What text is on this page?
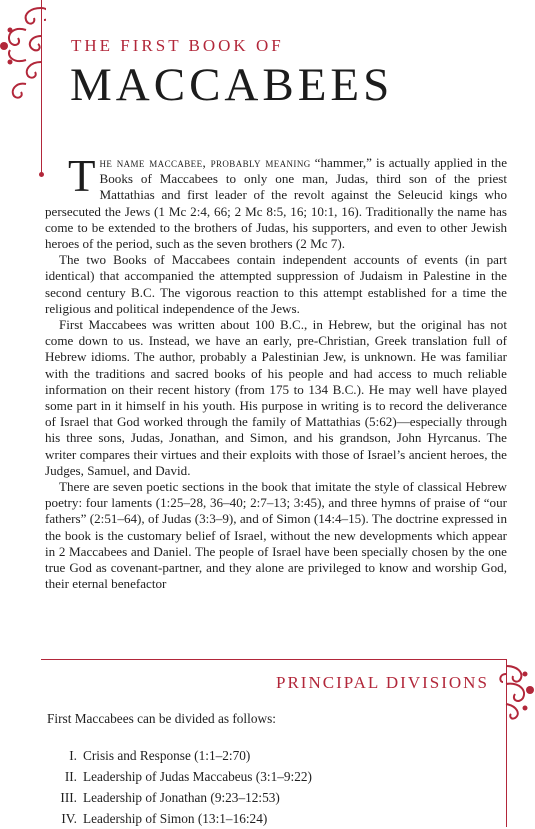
THE FIRST BOOK OF
MACCABEES

The name maccabee, probably meaning “hammer,” is actually applied in the Books of Maccabees to only one man, Judas, third son of the priest Mattathias and first leader of the revolt against the Seleucid kings who persecuted the Jews (1 Mc 2:4, 66; 2 Mc 8:5, 16; 10:1, 16). Traditionally the name has come to be extended to the brothers of Judas, his supporters, and even to other Jewish heroes of the period, such as the seven brothers (2 Mc 7).

The two Books of Maccabees contain independent accounts of events (in part identical) that accompanied the attempted suppression of Judaism in Palestine in the second century B.C. The vigorous reaction to this attempt established for a time the religious and political independence of the Jews.

First Maccabees was written about 100 B.C., in Hebrew, but the original has not come down to us. Instead, we have an early, pre-Christian, Greek translation full of Hebrew idioms. The author, probably a Palestinian Jew, is unknown. He was familiar with the traditions and sacred books of his people and had access to much reliable information on their recent history (from 175 to 134 B.C.). He may well have played some part in it himself in his youth. His purpose in writing is to record the deliverance of Israel that God worked through the family of Mattathias (5:62)—especially through his three sons, Judas, Jonathan, and Simon, and his grandson, John Hyrcanus. The writer compares their virtues and their exploits with those of Israel’s ancient heroes, the Judges, Samuel, and David.

There are seven poetic sections in the book that imitate the style of classical Hebrew poetry: four laments (1:25–28, 36–40; 2:7–13; 3:45), and three hymns of praise of “our fathers” (2:51–64), of Judas (3:3–9), and of Simon (14:4–15). The doctrine expressed in the book is the customary belief of Israel, without the new developments which appear in 2 Maccabees and Daniel. The people of Israel have been specially chosen by the one true God as covenant-partner, and they alone are privileged to know and worship God, their eternal benefactor

PRINCIPAL DIVISIONS

First Maccabees can be divided as follows:

I. Crisis and Response (1:1–2:70)
II. Leadership of Judas Maccabeus (3:1–9:22)
III. Leadership of Jonathan (9:23–12:53)
IV. Leadership of Simon (13:1–16:24)
